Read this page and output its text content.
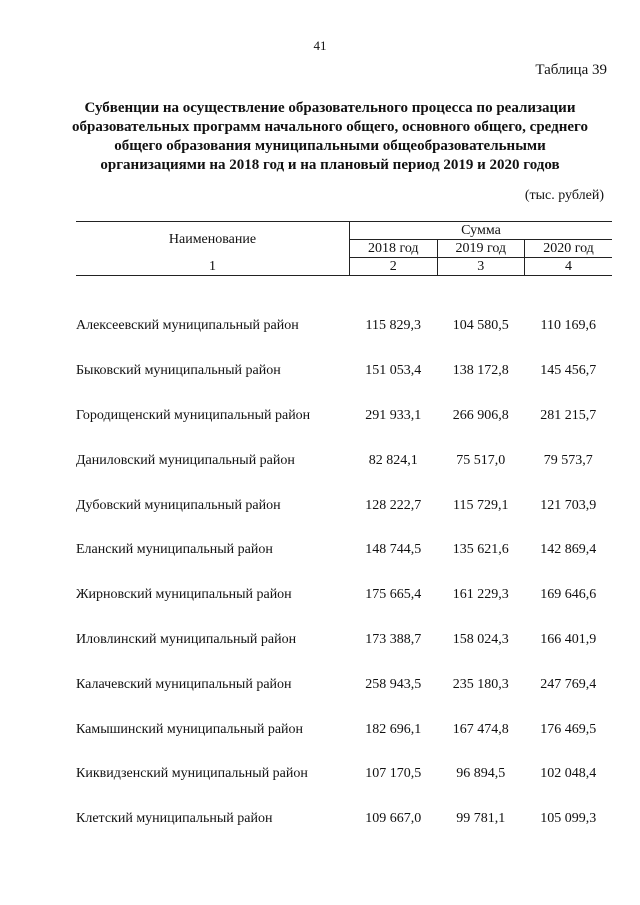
41
Таблица 39
Субвенции на осуществление образовательного процесса по реализации образовательных программ начального общего, основного общего, среднего общего образования муниципальными общеобразовательными организациями на 2018 год и на плановый период 2019 и 2020 годов
(тыс. рублей)
Наименование	Сумма		
	2018 год	2019 год	2020 год
1	2	3	4

Алексеевский муниципальный район	115 829,3	104 580,5	110 169,6
Быковский муниципальный район	151 053,4	138 172,8	145 456,7
Городищенский муниципальный район	291 933,1	266 906,8	281 215,7
Даниловский муниципальный район	82 824,1	75 517,0	79 573,7
Дубовский муниципальный район	128 222,7	115 729,1	121 703,9
Еланский муниципальный район	148 744,5	135 621,6	142 869,4
Жирновский муниципальный район	175 665,4	161 229,3	169 646,6
Иловлинский муниципальный район	173 388,7	158 024,3	166 401,9
Калачевский муниципальный район	258 943,5	235 180,3	247 769,4
Камышинский муниципальный район	182 696,1	167 474,8	176 469,5
Киквидзенский муниципальный район	107 170,5	96 894,5	102 048,4
Клетский муниципальный район	109 667,0	99 781,1	105 099,3
